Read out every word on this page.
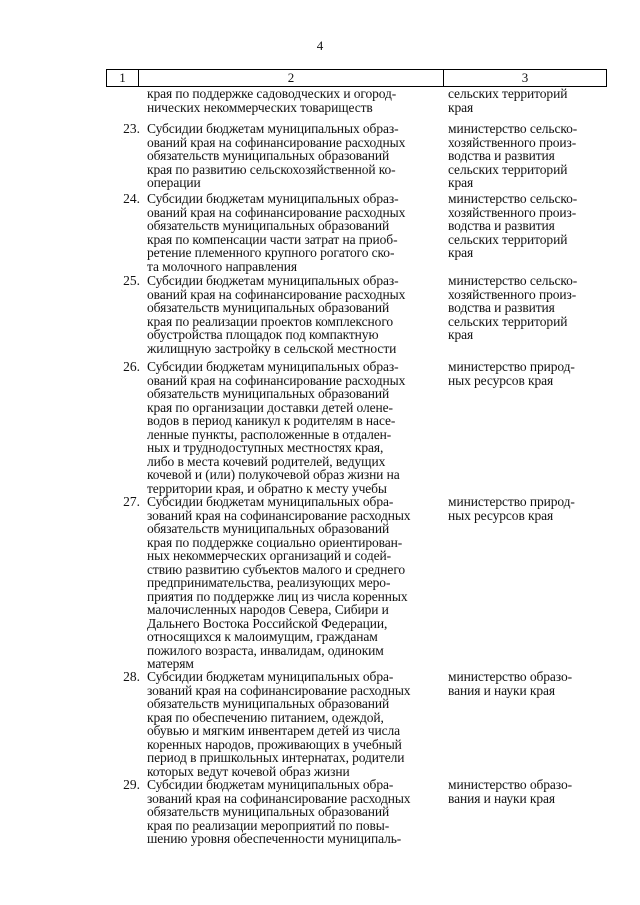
4
1	2	3
края по поддержке садоводческих и огород-
нических некоммерческих товариществ
сельских территорий
края
23. Субсидии бюджетам муниципальных образ-
ований края на софинансирование расходных
обязательств муниципальных образований
края по развитию сельскохозяйственной ко-
операции
министерство сельско-
хозяйственного произ-
водства и развития
сельских территорий
края
24. Субсидии бюджетам муниципальных образ-
ований края на софинансирование расходных
обязательств муниципальных образований
края по компенсации части затрат на приоб-
ретение племенного крупного рогатого ско-
та молочного направления
министерство сельско-
хозяйственного произ-
водства и развития
сельских территорий
края
25. Субсидии бюджетам муниципальных образ-
ований края на софинансирование расходных
обязательств муниципальных образований
края по реализации проектов комплексного
обустройства площадок под компактную
жилищную застройку в сельской местности
министерство сельско-
хозяйственного произ-
водства и развития
сельских территорий
края
26. Субсидии бюджетам муниципальных образ-
ований края на софинансирование расходных
обязательств муниципальных образований
края по организации доставки детей олене-
водов в период каникул к родителям в насе-
ленные пункты, расположенные в отдален-
ных и труднодоступных местностях края,
либо в места кочевий родителей, ведущих
кочевой и (или) полукочевой образ жизни на
территории края, и обратно к месту учебы
министерство природ-
ных ресурсов края
27. Субсидии бюджетам муниципальных обра-
зований края на софинансирование расходных
обязательств муниципальных образований
края по поддержке социально ориентирован-
ных некоммерческих организаций и содей-
ствию развитию субъектов малого и среднего
предпринимательства, реализующих меро-
приятия по поддержке лиц из числа коренных
малочисленных народов Севера, Сибири и
Дальнего Востока Российской Федерации,
относящихся к малоимущим, гражданам
пожилого возраста, инвалидам, одиноким
матерям
министерство природ-
ных ресурсов края
28. Субсидии бюджетам муниципальных обра-
зований края на софинансирование расходных
обязательств муниципальных образований
края по обеспечению питанием, одеждой,
обувью и мягким инвентарем детей из числа
коренных народов, проживающих в учебный
период в пришкольных интернатах, родители
которых ведут кочевой образ жизни
министерство образо-
вания и науки края
29. Субсидии бюджетам муниципальных обра-
зований края на софинансирование расходных
обязательств муниципальных образований
края по реализации мероприятий по повы-
шению уровня обеспеченности муниципаль-
министерство образо-
вания и науки края
